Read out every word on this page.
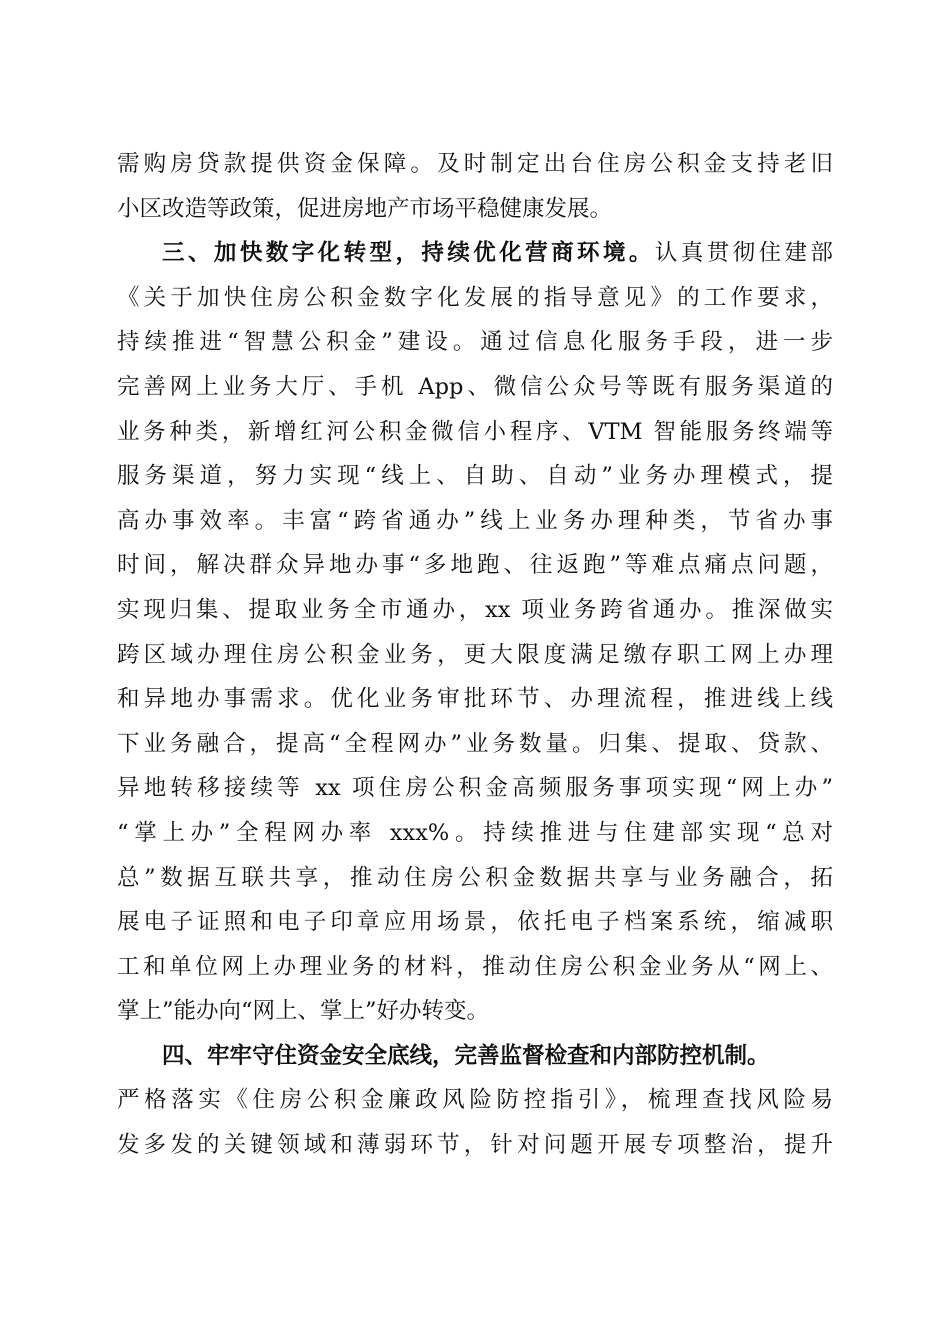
需购房贷款提供资金保障。及时制定出台住房公积金支持老旧
小区改造等政策，促进房地产市场平稳健康发展。
三、加快数字化转型，持续优化营商环境。认真贯彻住建部
《关于加快住房公积金数字化发展的指导意见》的工作要求，
持续推进“智慧公积金”建设。通过信息化服务手段，进一步
完善网上业务大厅、手机 App、微信公众号等既有服务渠道的
业务种类，新增红河公积金微信小程序、VTM 智能服务终端等
服务渠道，努力实现“线上、自助、自动”业务办理模式，提
高办事效率。丰富“跨省通办”线上业务办理种类，节省办事
时间，解决群众异地办事“多地跑、往返跑”等难点痛点问题，
实现归集、提取业务全市通办，xx 项业务跨省通办。推深做实
跨区域办理住房公积金业务，更大限度满足缴存职工网上办理
和异地办事需求。优化业务审批环节、办理流程，推进线上线
下业务融合，提高“全程网办”业务数量。归集、提取、贷款、
异地转移接续等 xx 项住房公积金高频服务事项实现“网上办”
“掌上办”全程网办率 xxx%。持续推进与住建部实现“总对
总”数据互联共享，推动住房公积金数据共享与业务融合，拓
展电子证照和电子印章应用场景，依托电子档案系统，缩减职
工和单位网上办理业务的材料，推动住房公积金业务从“网上、
掌上”能办向“网上、掌上”好办转变。
四、牢牢守住资金安全底线，完善监督检查和内部防控机制。
严格落实《住房公积金廉政风险防控指引》，梳理查找风险易
发多发的关键领域和薄弱环节，针对问题开展专项整治，提升
